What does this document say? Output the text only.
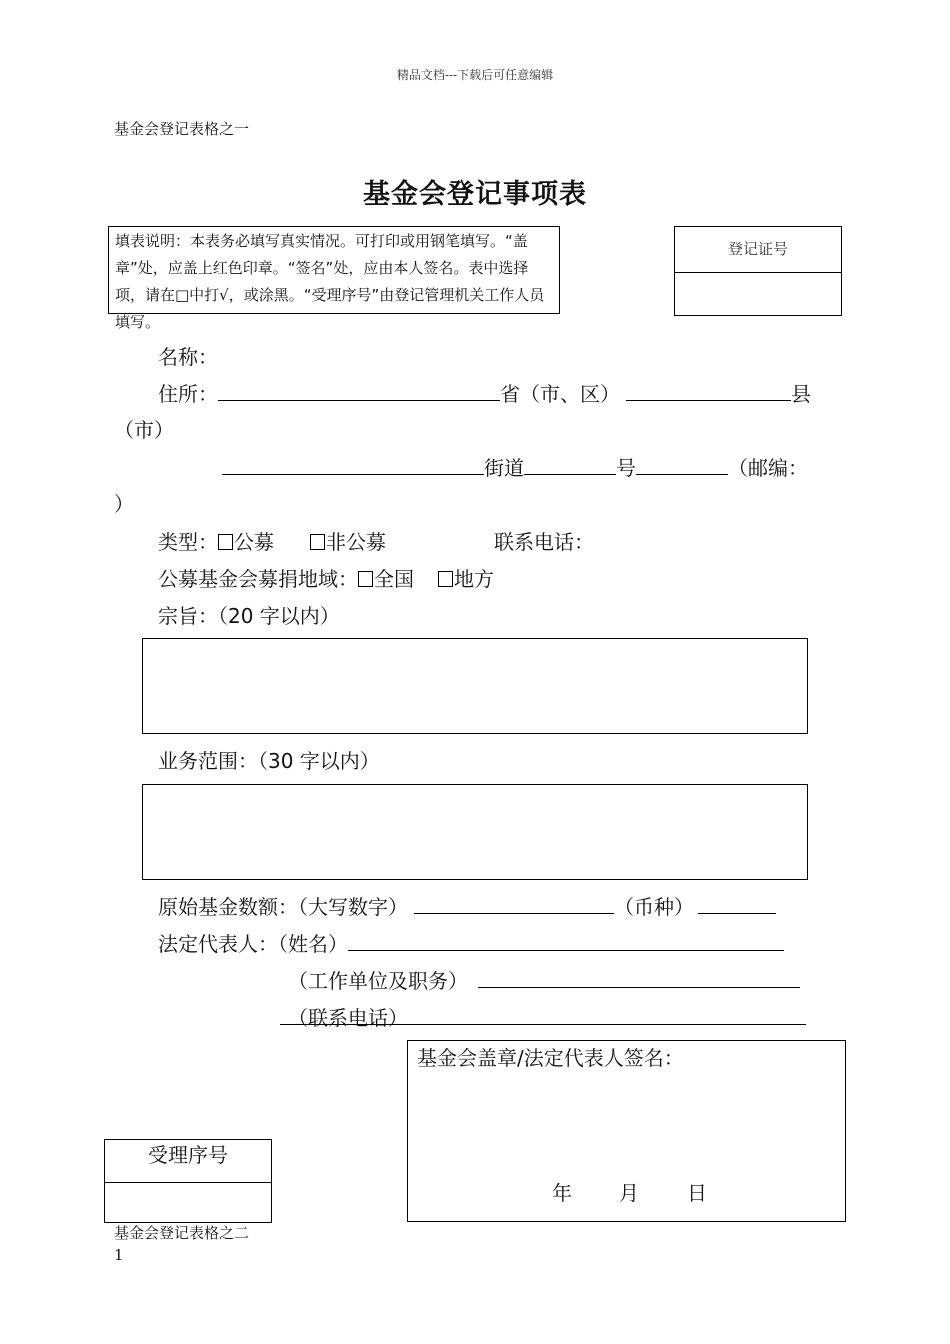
精品文档---下载后可任意编辑
基金会登记表格之一
基金会登记事项表
填表说明：本表务必填写真实情况。可打印或用钢笔填写。“盖章”处，应盖上红色印章。“签名”处，应由本人签名。表中选择项，请在□中打√，或涂黑。“受理序号”由登记管理机关工作人员填写。
登记证号
名称：
住所：	省（市、区）	县
（市）
街道	号	（邮编：
）
类型： 公募	非公募	联系电话：
公募基金会募捐地域： 全国 地方
宗旨：（20 字以内）
业务范围：（30 字以内）
原始基金数额：（大写数字）	（币种）
法定代表人：（姓名）
（工作单位及职务）
（联系电话）
基金会盖章/法定代表人签名：
年 月 日
受理序号
基金会登记表格之二
1
